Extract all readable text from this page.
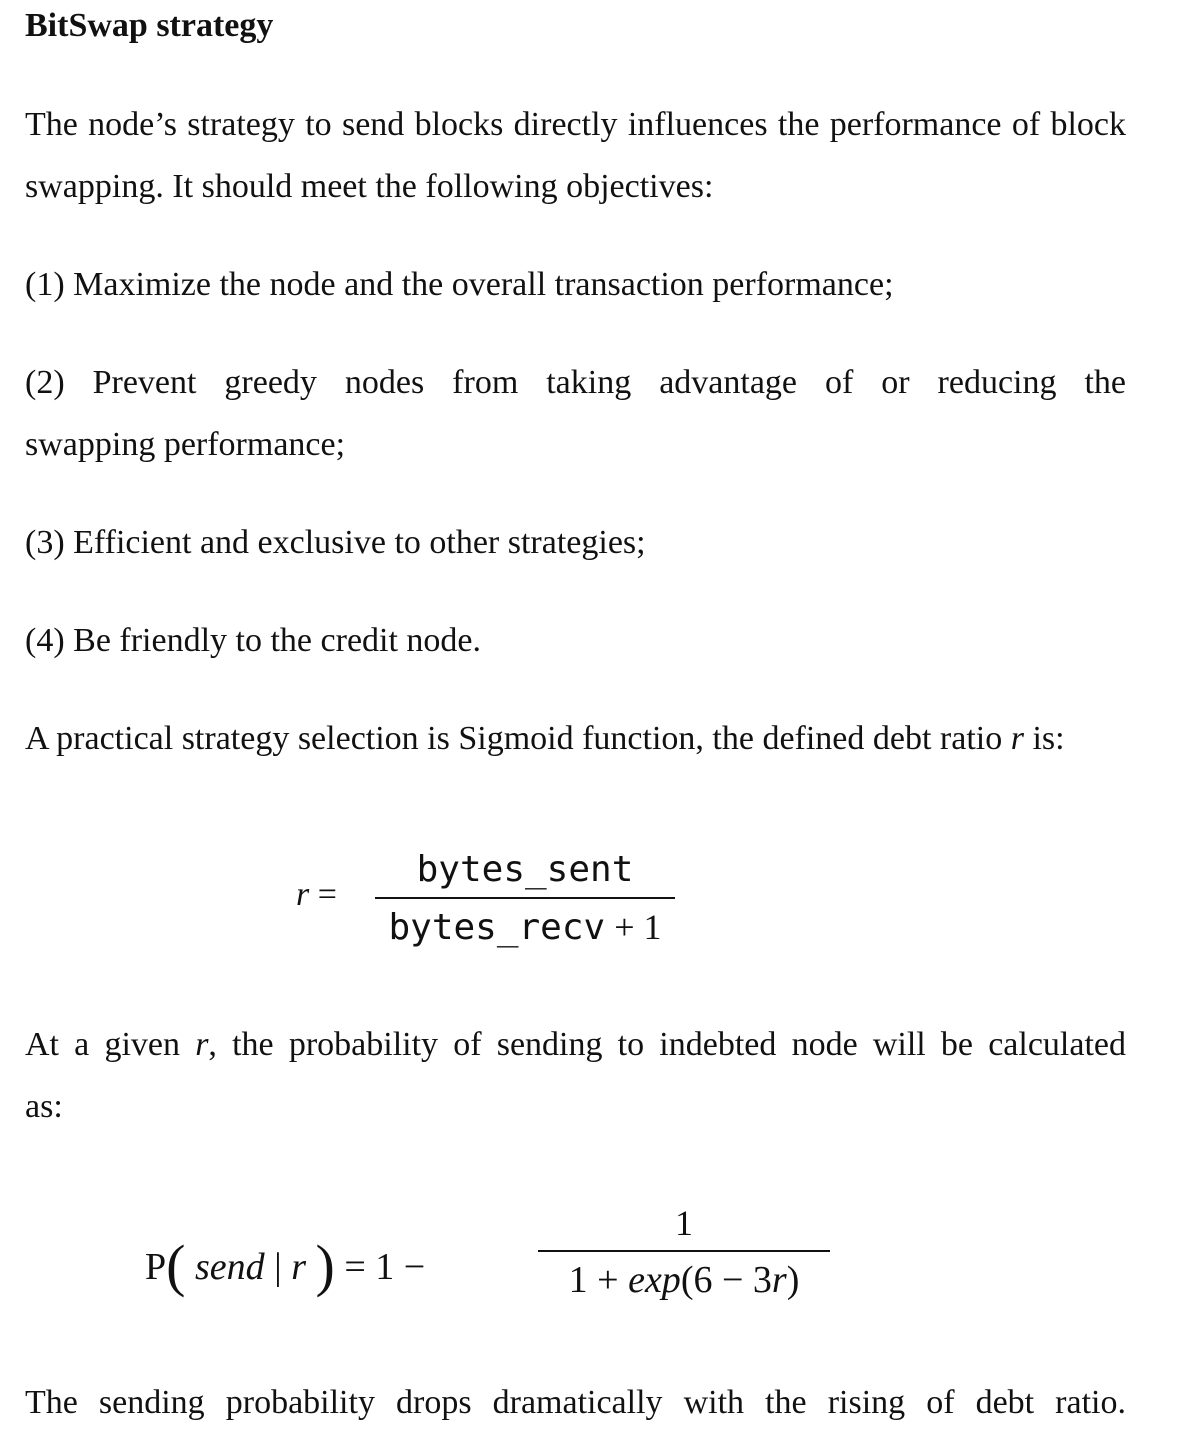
BitSwap strategy
The node’s strategy to send blocks directly influences the performance of block
swapping. It should meet the following objectives:
(1) Maximize the node and the overall transaction performance;
(2) Prevent greedy nodes from taking advantage of or reducing the
swapping performance;
(3) Efficient and exclusive to other strategies;
(4) Be friendly to the credit node.
A practical strategy selection is Sigmoid function, the defined debt ratio r is:
r =
bytes_sent
bytes_recv + 1
At a given r, the probability of sending to indebted node will be calculated
as:
P( send | r ) = 1 −
1
1 + exp(6 − 3r)
The sending probability drops dramatically with the rising of debt ratio.
